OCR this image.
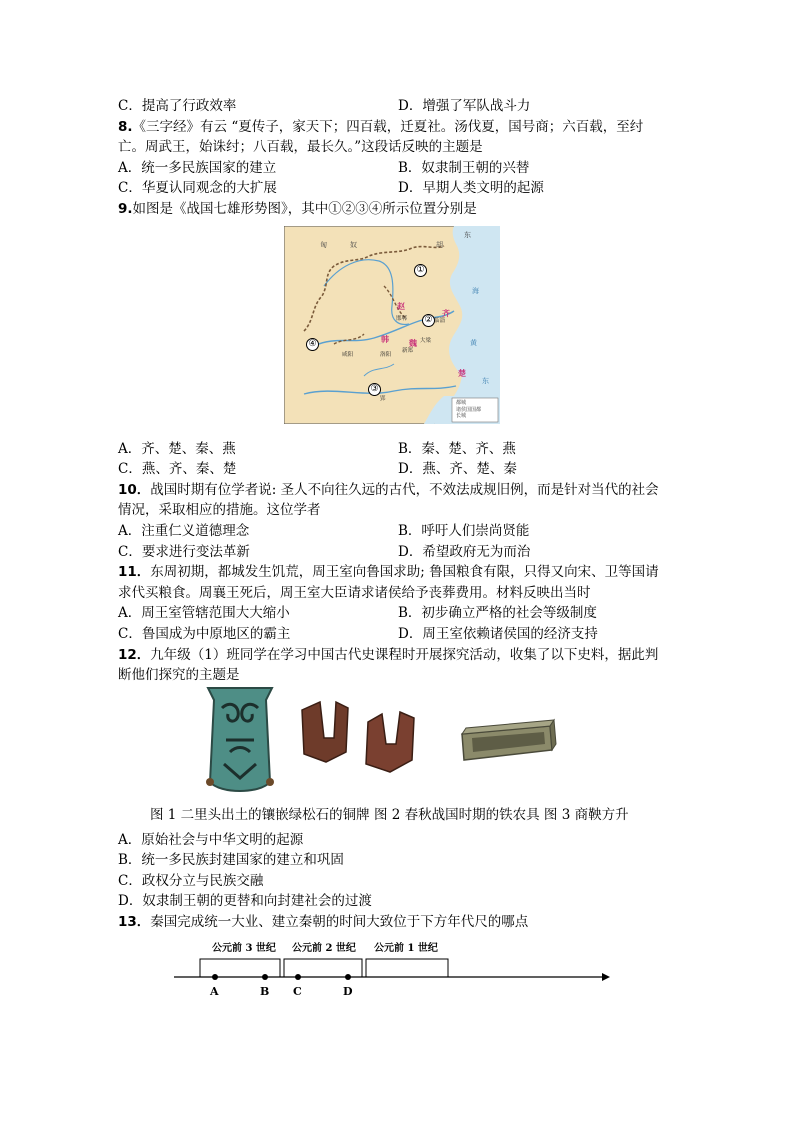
C．提高了行政效率	D．增强了军队战斗力
8.《三字经》有云 “夏传子，家天下；四百载，迁夏社。汤伐夏，国号商；六百载，至纣
亡。周武王，始诛纣；八百载，最长久。”这段话反映的主题是
A．统一多民族国家的建立	B．奴隶制王朝的兴替
C．华夏认同观念的大扩展	D．早期人类文明的起源
9.如图是《战国七雄形势图》，其中①②③④所示位置分别是
A．齐、楚、秦、燕	B．秦、楚、齐、燕
C．燕、齐、秦、楚	D．燕、齐、楚、秦
10．战国时期有位学者说: 圣人不向往久远的古代，不效法成规旧例，而是针对当代的社会
情况，采取相应的措施。这位学者
A．注重仁义道德理念	B．呼吁人们崇尚贤能
C．要求进行变法革新	D．希望政府无为而治
11．东周初期，都城发生饥荒，周王室向鲁国求助; 鲁国粮食有限，只得又向宋、卫等国请
求代买粮食。周襄王死后，周王室大臣请求诸侯给予丧葬费用。材料反映出当时
A．周王室管辖范围大大缩小	B．初步确立严格的社会等级制度
C．鲁国成为中原地区的霸主	D．周王室依赖诸侯国的经济支持
12．九年级（1）班同学在学习中国古代史课程时开展探究活动，收集了以下史料，据此判
断他们探究的主题是
A．原始社会与中华文明的起源
B．统一多民族封建国家的建立和巩固
C．政权分立与民族交融
D．奴隶制王朝的更替和向封建社会的过渡
13．秦国完成统一大业、建立秦朝的时间大致位于下方年代尺的哪点
匈	奴
东
胡
①
②
③
④
赵
韩	魏
楚
齐
邯郸
大梁
洛阳
咸阳
临淄
新郑
郢
海
黄
东
都城
诸侯国国都
长城
图 1 二里头出土的镶嵌绿松石的铜牌 图 2 春秋战国时期的铁农具 图 3 商鞅方升
公元前 3 世纪 公元前 2 世纪 公元前 1 世纪
A	B C	D
